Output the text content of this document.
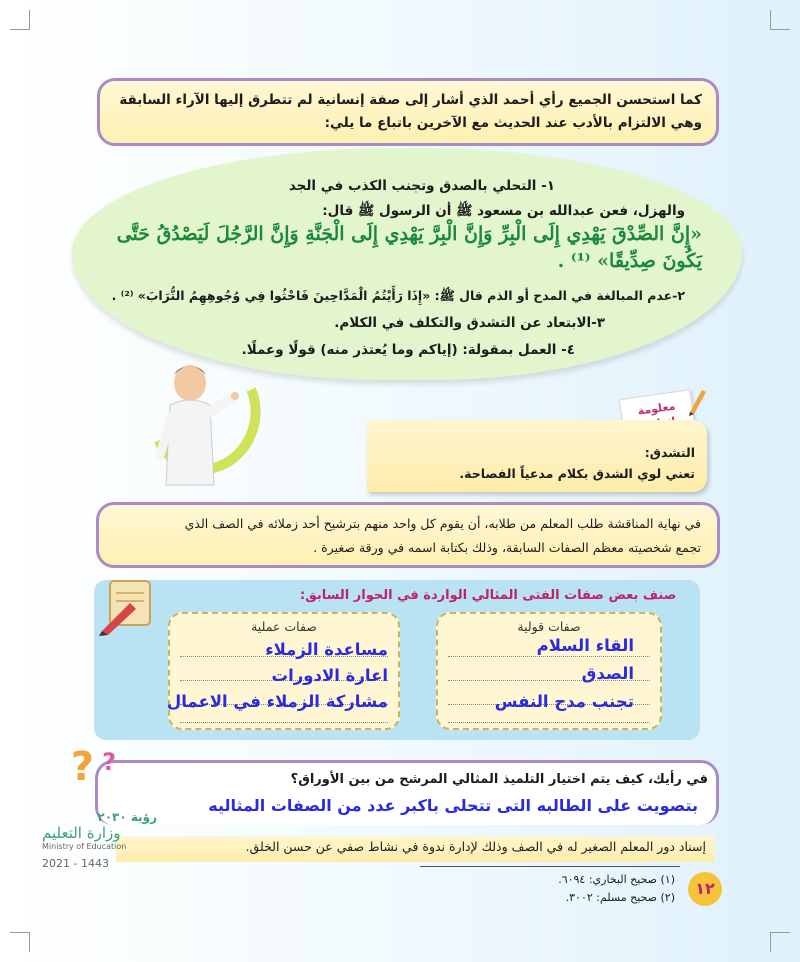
كما استحسن الجميع رأي أحمد الذي أشار إلى صفة إنسانية لم تتطرق إليها الآراء السابقة
وهي الالتزام بالأدب عند الحديث مع الآخرين باتباع ما يلي:
١- التحلي بالصدق وتجنب الكذب في الجد
والهزل، فعن عبدالله بن مسعود ﷺ أن الرسول ﷺ قال:
«إِنَّ الصِّدْقَ يَهْدِي إِلَى الْبِرِّ وَإِنَّ الْبِرَّ يَهْدِي إِلَى الْجَنَّةِ وَإِنَّ الرَّجُلَ لَيَصْدُقُ حَتَّى
يَكُونَ صِدِّيقًا» ⁽¹⁾ .
٢-عدم المبالغة في المدح أو الذم قال ﷺ: «إِذَا رَأَيْتُمُ الْمَدَّاحِينَ فَاحْثُوا فِي وُجُوهِهِمُ التُّرَابَ» ⁽²⁾ .
٣-الابتعاد عن التشدق والتكلف في الكلام.
٤- العمل بمقولة: (إياكم وما يُعتذر منه) قولًا وعملًا.
معلومة
التشدق:
تعني لوي الشدق بكلام مدعياً الفصاحة.
في نهاية المناقشة طلب المعلم من طلابه، أن يقوم كل واحد منهم بترشيح أحد زملائه في الصف الذي
تجمع شخصيته معظم الصفات السابقة، وذلك بكتابة اسمه في ورقة صغيرة .
صنف بعض صفات الفتى المثالي الواردة في الحوار السابق:
صفات قولية
القاء السلام
الصدق
تجنب مدح النفس
صفات عملية
مساعدة الزملاء
اعارة الادورات
مشاركة الزملاء في الاعمال
? ?
في رأيك، كيف يتم اختيار التلميذ المثالي المرشح من بين الأوراق؟
بتصويت على الطالبه التى تتحلى باكبر عدد من الصفات المثاليه
إسناد دور المعلم الصغير له في الصف وذلك لإدارة ندوة في نشاط صفي عن حسن الخلق.
رؤية ٢٠٣٠
وزارة التعليم
Ministry of Education
2021 - 1443
١٢
(١) صحيح البخاري: ٦٠٩٤.
(٢) صحيح مسلم: ٣٠٠٢.
